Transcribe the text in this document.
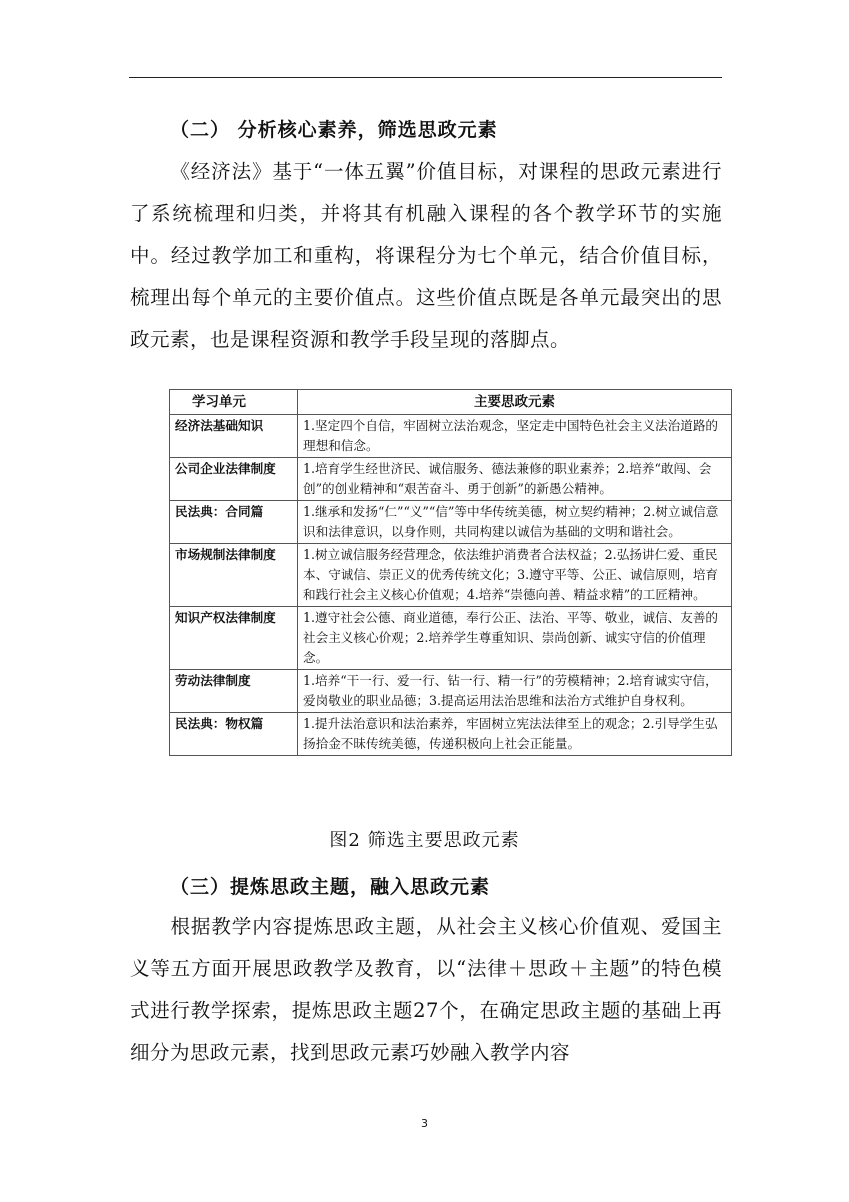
（二） 分析核心素养，筛选思政元素
《经济法》基于“一体五翼”价值目标，对课程的思政元素进行了系统梳理和归类，并将其有机融入课程的各个教学环节的实施中。经过教学加工和重构，将课程分为七个单元，结合价值目标，梳理出每个单元的主要价值点。这些价值点既是各单元最突出的思政元素，也是课程资源和教学手段呈现的落脚点。
学习单元	主要思政元素
经济法基础知识	1.坚定四个自信，牢固树立法治观念，坚定走中国特色社会主义法治道路的理想和信念。
公司企业法律制度	1.培育学生经世济民、诚信服务、德法兼修的职业素养；2.培养“敢闯、会创”的创业精神和“艰苦奋斗、勇于创新”的新愚公精神。
民法典：合同篇	1.继承和发扬“仁”“义”“信”等中华传统美德，树立契约精神；2.树立诚信意识和法律意识，以身作则，共同构建以诚信为基础的文明和谐社会。
市场规制法律制度	1.树立诚信服务经营理念，依法维护消费者合法权益；2.弘扬讲仁爱、重民本、守诚信、崇正义的优秀传统文化；3.遵守平等、公正、诚信原则，培育和践行社会主义核心价值观；4.培养“崇德向善、精益求精”的工匠精神。
知识产权法律制度	1.遵守社会公德、商业道德，奉行公正、法治、平等、敬业，诚信、友善的社会主义核心价观；2.培养学生尊重知识、崇尚创新、诚实守信的价值理念。
劳动法律制度	1.培养“干一行、爱一行、钻一行、精一行”的劳模精神；2.培育诚实守信，爱岗敬业的职业品德；3.提高运用法治思维和法治方式维护自身权利。
民法典：物权篇	1.提升法治意识和法治素养，牢固树立宪法法律至上的观念；2.引导学生弘扬拾金不昧传统美德，传递积极向上社会正能量。
图2 筛选主要思政元素
（三）提炼思政主题，融入思政元素
根据教学内容提炼思政主题，从社会主义核心价值观、爱国主义等五方面开展思政教学及教育，以“法律＋思政＋主题”的特色模式进行教学探索，提炼思政主题27个，在确定思政主题的基础上再细分为思政元素，找到思政元素巧妙融入教学内容
3
